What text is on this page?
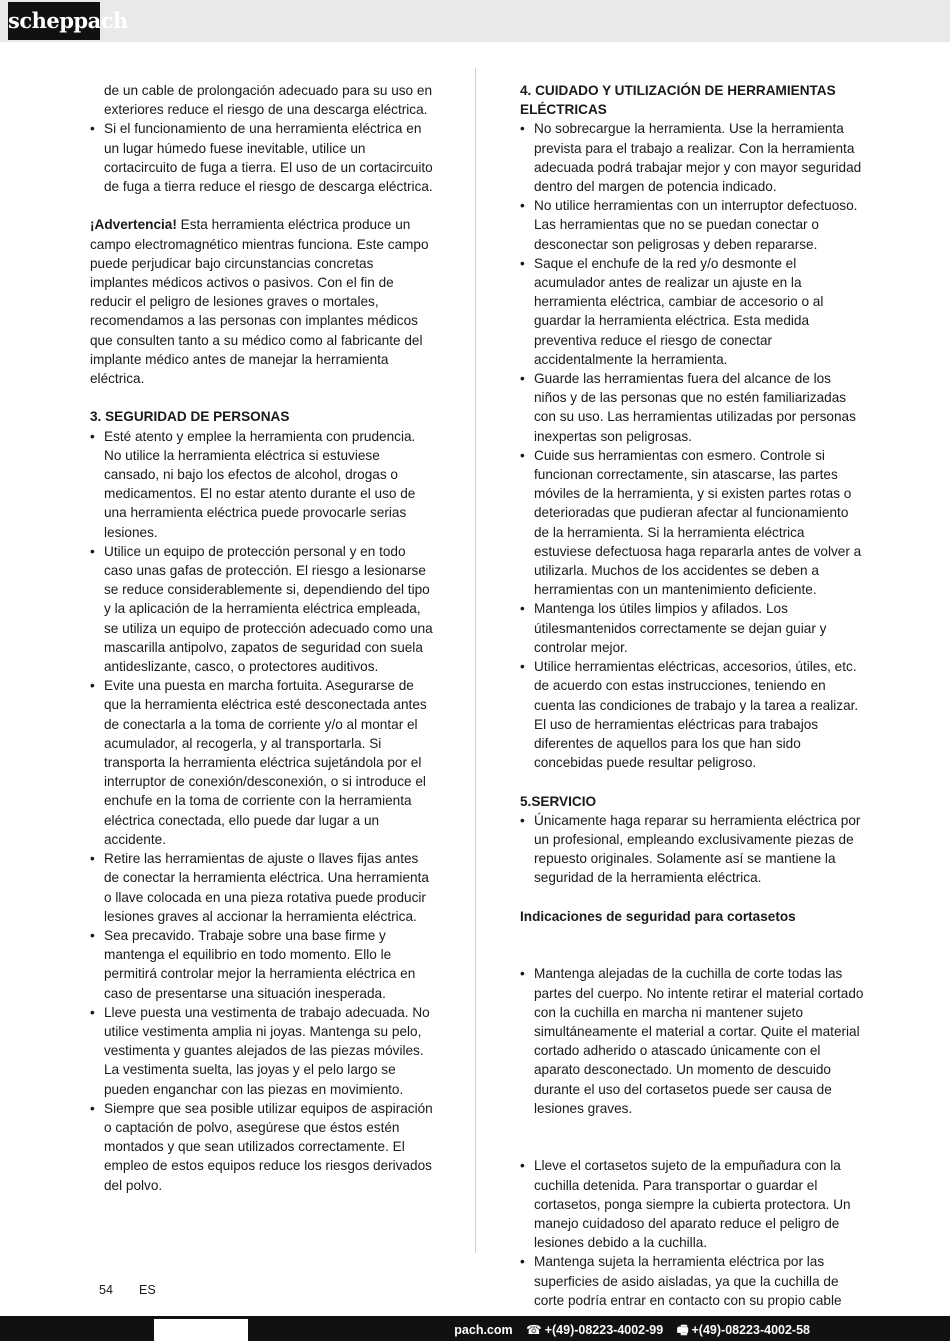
scheppach

de un cable de prolongación adecuado para su uso en exteriores reduce el riesgo de una descarga eléctrica.

• Si el funcionamiento de una herramienta eléctrica en un lugar húmedo fuese inevitable, utilice un cortacircuito de fuga a tierra. El uso de un cortacircuito de fuga a tierra reduce el riesgo de descarga eléctrica.

¡Advertencia! Esta herramienta eléctrica produce un campo electromagnético mientras funciona. Este campo puede perjudicar bajo circunstancias concretas implantes médicos activos o pasivos. Con el fin de reducir el peligro de lesiones graves o mortales, recomendamos a las personas con implantes médicos que consulten tanto a su médico como al fabricante del implante médico antes de manejar la herramienta eléctrica.

3. SEGURIDAD DE PERSONAS

• Esté atento y emplee la herramienta con prudencia. No utilice la herramienta eléctrica si estuviese cansado, ni bajo los efectos de alcohol, drogas o medicamentos. El no estar atento durante el uso de una herramienta eléctrica puede provocarle serias lesiones.

• Utilice un equipo de protección personal y en todo caso unas gafas de protección. El riesgo a lesionarse se reduce considerablemente si, dependiendo del tipo y la aplicación de la herramienta eléctrica empleada, se utiliza un equipo de protección adecuado como una mascarilla antipolvo, zapatos de seguridad con suela antideslizante, casco, o protectores auditivos.

• Evite una puesta en marcha fortuita. Asegurarse de que la herramienta eléctrica esté desconectada antes de conectarla a la toma de corriente y/o al montar el acumulador, al recogerla, y al transportarla. Si transporta la herramienta eléctrica sujetándola por el interruptor de conexión/desconexión, o si introduce el enchufe en la toma de corriente con la herramienta eléctrica conectada, ello puede dar lugar a un accidente.

• Retire las herramientas de ajuste o llaves fijas antes de conectar la herramienta eléctrica. Una herramienta o llave colocada en una pieza rotativa puede producir lesiones graves al accionar la herramienta eléctrica.

• Sea precavido. Trabaje sobre una base firme y mantenga el equilibrio en todo momento. Ello le permitirá controlar mejor la herramienta eléctrica en caso de presentarse una situación inesperada.

• Lleve puesta una vestimenta de trabajo adecuada. No utilice vestimenta amplia ni joyas. Mantenga su pelo, vestimenta y guantes alejados de las piezas móviles. La vestimenta suelta, las joyas y el pelo largo se pueden enganchar con las piezas en movimiento.

• Siempre que sea posible utilizar equipos de aspiración o captación de polvo, asegúrese que éstos estén montados y que sean utilizados correctamente. El empleo de estos equipos reduce los riesgos derivados del polvo.

4. CUIDADO Y UTILIZACIÓN DE HERRAMIENTAS ELÉCTRICAS

• No sobrecargue la herramienta. Use la herramienta prevista para el trabajo a realizar. Con la herramienta adecuada podrá trabajar mejor y con mayor seguridad dentro del margen de potencia indicado.

• No utilice herramientas con un interruptor defectuoso. Las herramientas que no se puedan conectar o desconectar son peligrosas y deben repararse.

• Saque el enchufe de la red y/o desmonte el acumulador antes de realizar un ajuste en la herramienta eléctrica, cambiar de accesorio o al guardar la herramienta eléctrica. Esta medida preventiva reduce el riesgo de conectar accidentalmente la herramienta.

• Guarde las herramientas fuera del alcance de los niños y de las personas que no estén familiarizadas con su uso. Las herramientas utilizadas por personas inexpertas son peligrosas.

• Cuide sus herramientas con esmero. Controle si funcionan correctamente, sin atascarse, las partes móviles de la herramienta, y si existen partes rotas o deterioradas que pudieran afectar al funcionamiento de la herramienta. Si la herramienta eléctrica estuviese defectuosa haga repararla antes de volver a utilizarla. Muchos de los accidentes se deben a herramientas con un mantenimiento deficiente.

• Mantenga los útiles limpios y afilados. Los útilesmantenidos correctamente se dejan guiar y controlar mejor.

• Utilice herramientas eléctricas, accesorios, útiles, etc. de acuerdo con estas instrucciones, teniendo en cuenta las condiciones de trabajo y la tarea a realizar. El uso de herramientas eléctricas para trabajos diferentes de aquellos para los que han sido concebidas puede resultar peligroso.

5.SERVICIO

• Únicamente haga reparar su herramienta eléctrica por un profesional, empleando exclusivamente piezas de repuesto originales. Solamente así se mantiene la seguridad de la herramienta eléctrica.

Indicaciones de seguridad para cortasetos

• Mantenga alejadas de la cuchilla de corte todas las partes del cuerpo. No intente retirar el material cortado con la cuchilla en marcha ni mantener sujeto simultáneamente el material a cortar. Quite el material cortado adherido o atascado únicamente con el aparato desconectado. Un momento de descuido durante el uso del cortasetos puede ser causa de lesiones graves.

• Lleve el cortasetos sujeto de la empuñadura con la cuchilla detenida. Para transportar o guardar el cortasetos, ponga siempre la cubierta protectora. Un manejo cuidadoso del aparato reduce el peligro de lesiones debido a la cuchilla.

• Mantenga sujeta la herramienta eléctrica por las superficies de asido aisladas, ya que la cuchilla de corte podría entrar en contacto con su propio cable

54 ES
pach.com ☎ +(49)-08223-4002-99 🖷 +(49)-08223-4002-58
